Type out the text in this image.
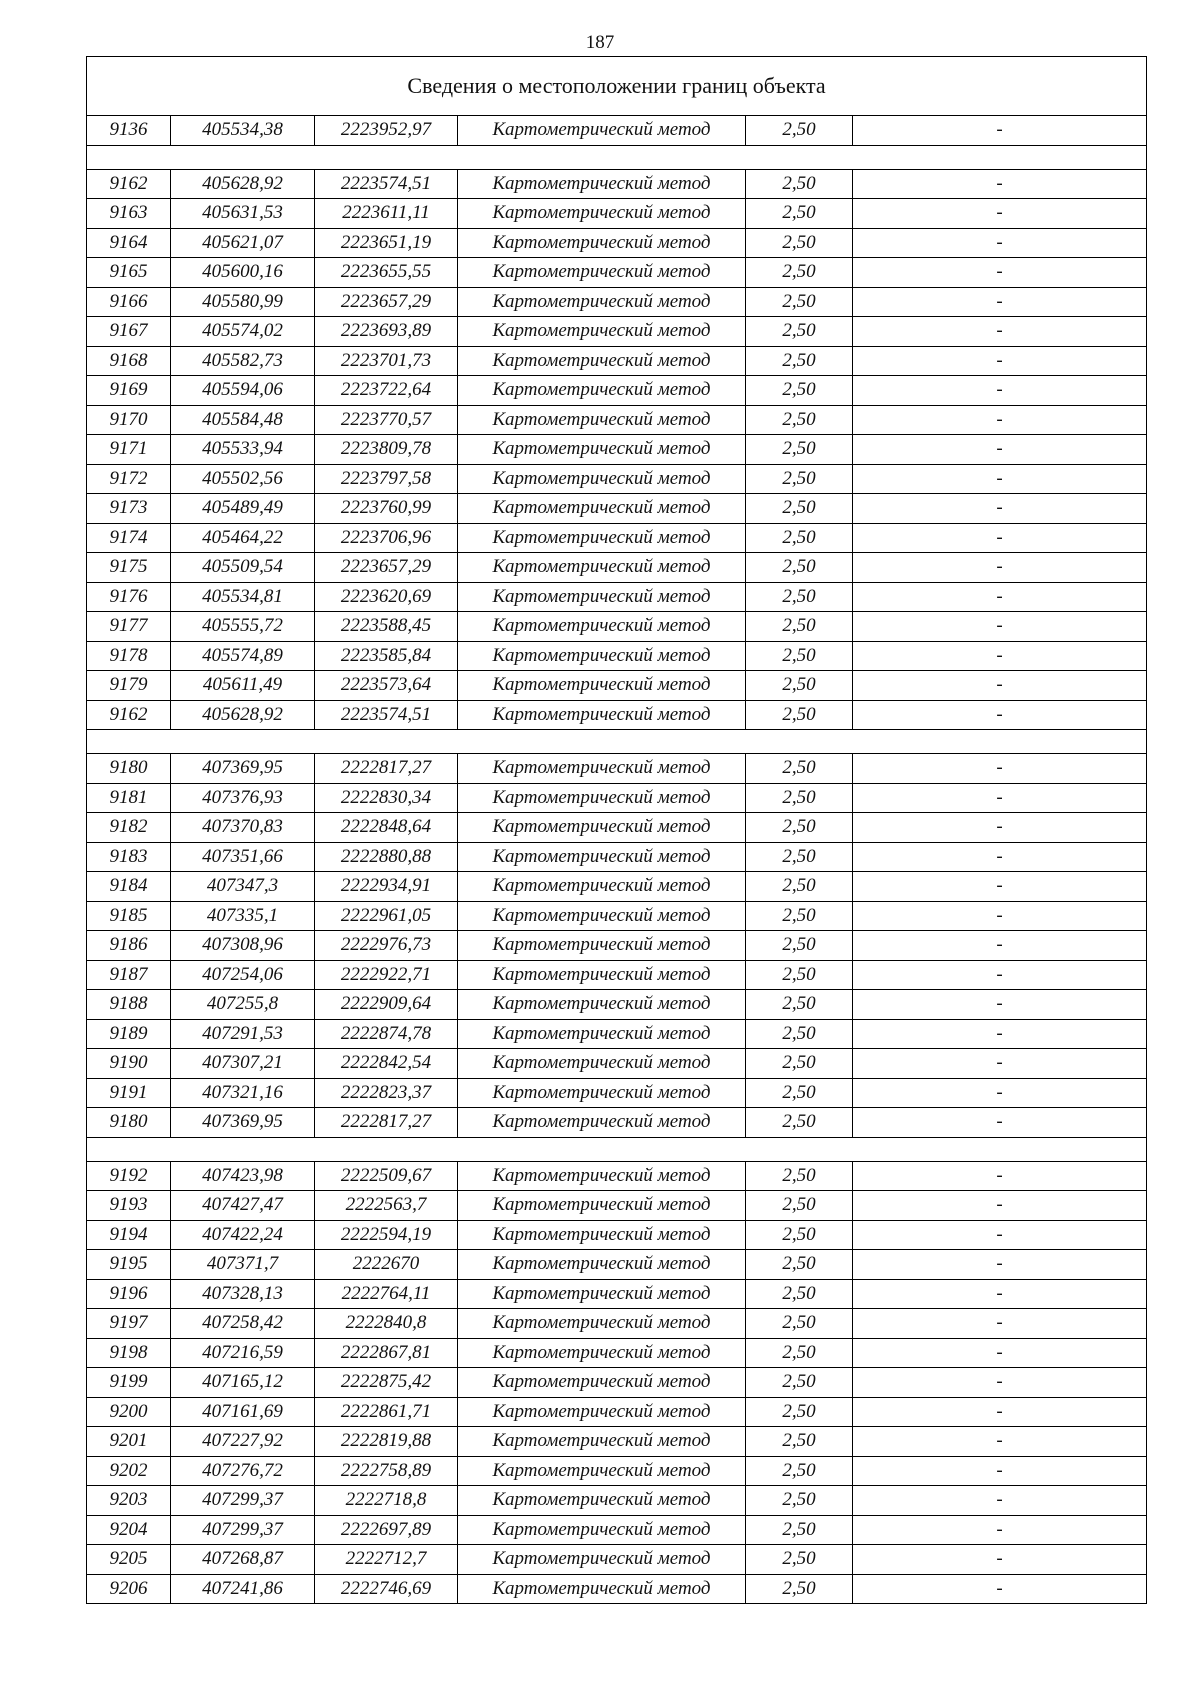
187
Сведения о местоположении границ объекта					
9136	405534,38	2223952,97	Картометрический метод	2,50	-

9162	405628,92	2223574,51	Картометрический метод	2,50	-
9163	405631,53	2223611,11	Картометрический метод	2,50	-
9164	405621,07	2223651,19	Картометрический метод	2,50	-
9165	405600,16	2223655,55	Картометрический метод	2,50	-
9166	405580,99	2223657,29	Картометрический метод	2,50	-
9167	405574,02	2223693,89	Картометрический метод	2,50	-
9168	405582,73	2223701,73	Картометрический метод	2,50	-
9169	405594,06	2223722,64	Картометрический метод	2,50	-
9170	405584,48	2223770,57	Картометрический метод	2,50	-
9171	405533,94	2223809,78	Картометрический метод	2,50	-
9172	405502,56	2223797,58	Картометрический метод	2,50	-
9173	405489,49	2223760,99	Картометрический метод	2,50	-
9174	405464,22	2223706,96	Картометрический метод	2,50	-
9175	405509,54	2223657,29	Картометрический метод	2,50	-
9176	405534,81	2223620,69	Картометрический метод	2,50	-
9177	405555,72	2223588,45	Картометрический метод	2,50	-
9178	405574,89	2223585,84	Картометрический метод	2,50	-
9179	405611,49	2223573,64	Картометрический метод	2,50	-
9162	405628,92	2223574,51	Картометрический метод	2,50	-

9180	407369,95	2222817,27	Картометрический метод	2,50	-
9181	407376,93	2222830,34	Картометрический метод	2,50	-
9182	407370,83	2222848,64	Картометрический метод	2,50	-
9183	407351,66	2222880,88	Картометрический метод	2,50	-
9184	407347,3	2222934,91	Картометрический метод	2,50	-
9185	407335,1	2222961,05	Картометрический метод	2,50	-
9186	407308,96	2222976,73	Картометрический метод	2,50	-
9187	407254,06	2222922,71	Картометрический метод	2,50	-
9188	407255,8	2222909,64	Картометрический метод	2,50	-
9189	407291,53	2222874,78	Картометрический метод	2,50	-
9190	407307,21	2222842,54	Картометрический метод	2,50	-
9191	407321,16	2222823,37	Картометрический метод	2,50	-
9180	407369,95	2222817,27	Картометрический метод	2,50	-

9192	407423,98	2222509,67	Картометрический метод	2,50	-
9193	407427,47	2222563,7	Картометрический метод	2,50	-
9194	407422,24	2222594,19	Картометрический метод	2,50	-
9195	407371,7	2222670	Картометрический метод	2,50	-
9196	407328,13	2222764,11	Картометрический метод	2,50	-
9197	407258,42	2222840,8	Картометрический метод	2,50	-
9198	407216,59	2222867,81	Картометрический метод	2,50	-
9199	407165,12	2222875,42	Картометрический метод	2,50	-
9200	407161,69	2222861,71	Картометрический метод	2,50	-
9201	407227,92	2222819,88	Картометрический метод	2,50	-
9202	407276,72	2222758,89	Картометрический метод	2,50	-
9203	407299,37	2222718,8	Картометрический метод	2,50	-
9204	407299,37	2222697,89	Картометрический метод	2,50	-
9205	407268,87	2222712,7	Картометрический метод	2,50	-
9206	407241,86	2222746,69	Картометрический метод	2,50	-
